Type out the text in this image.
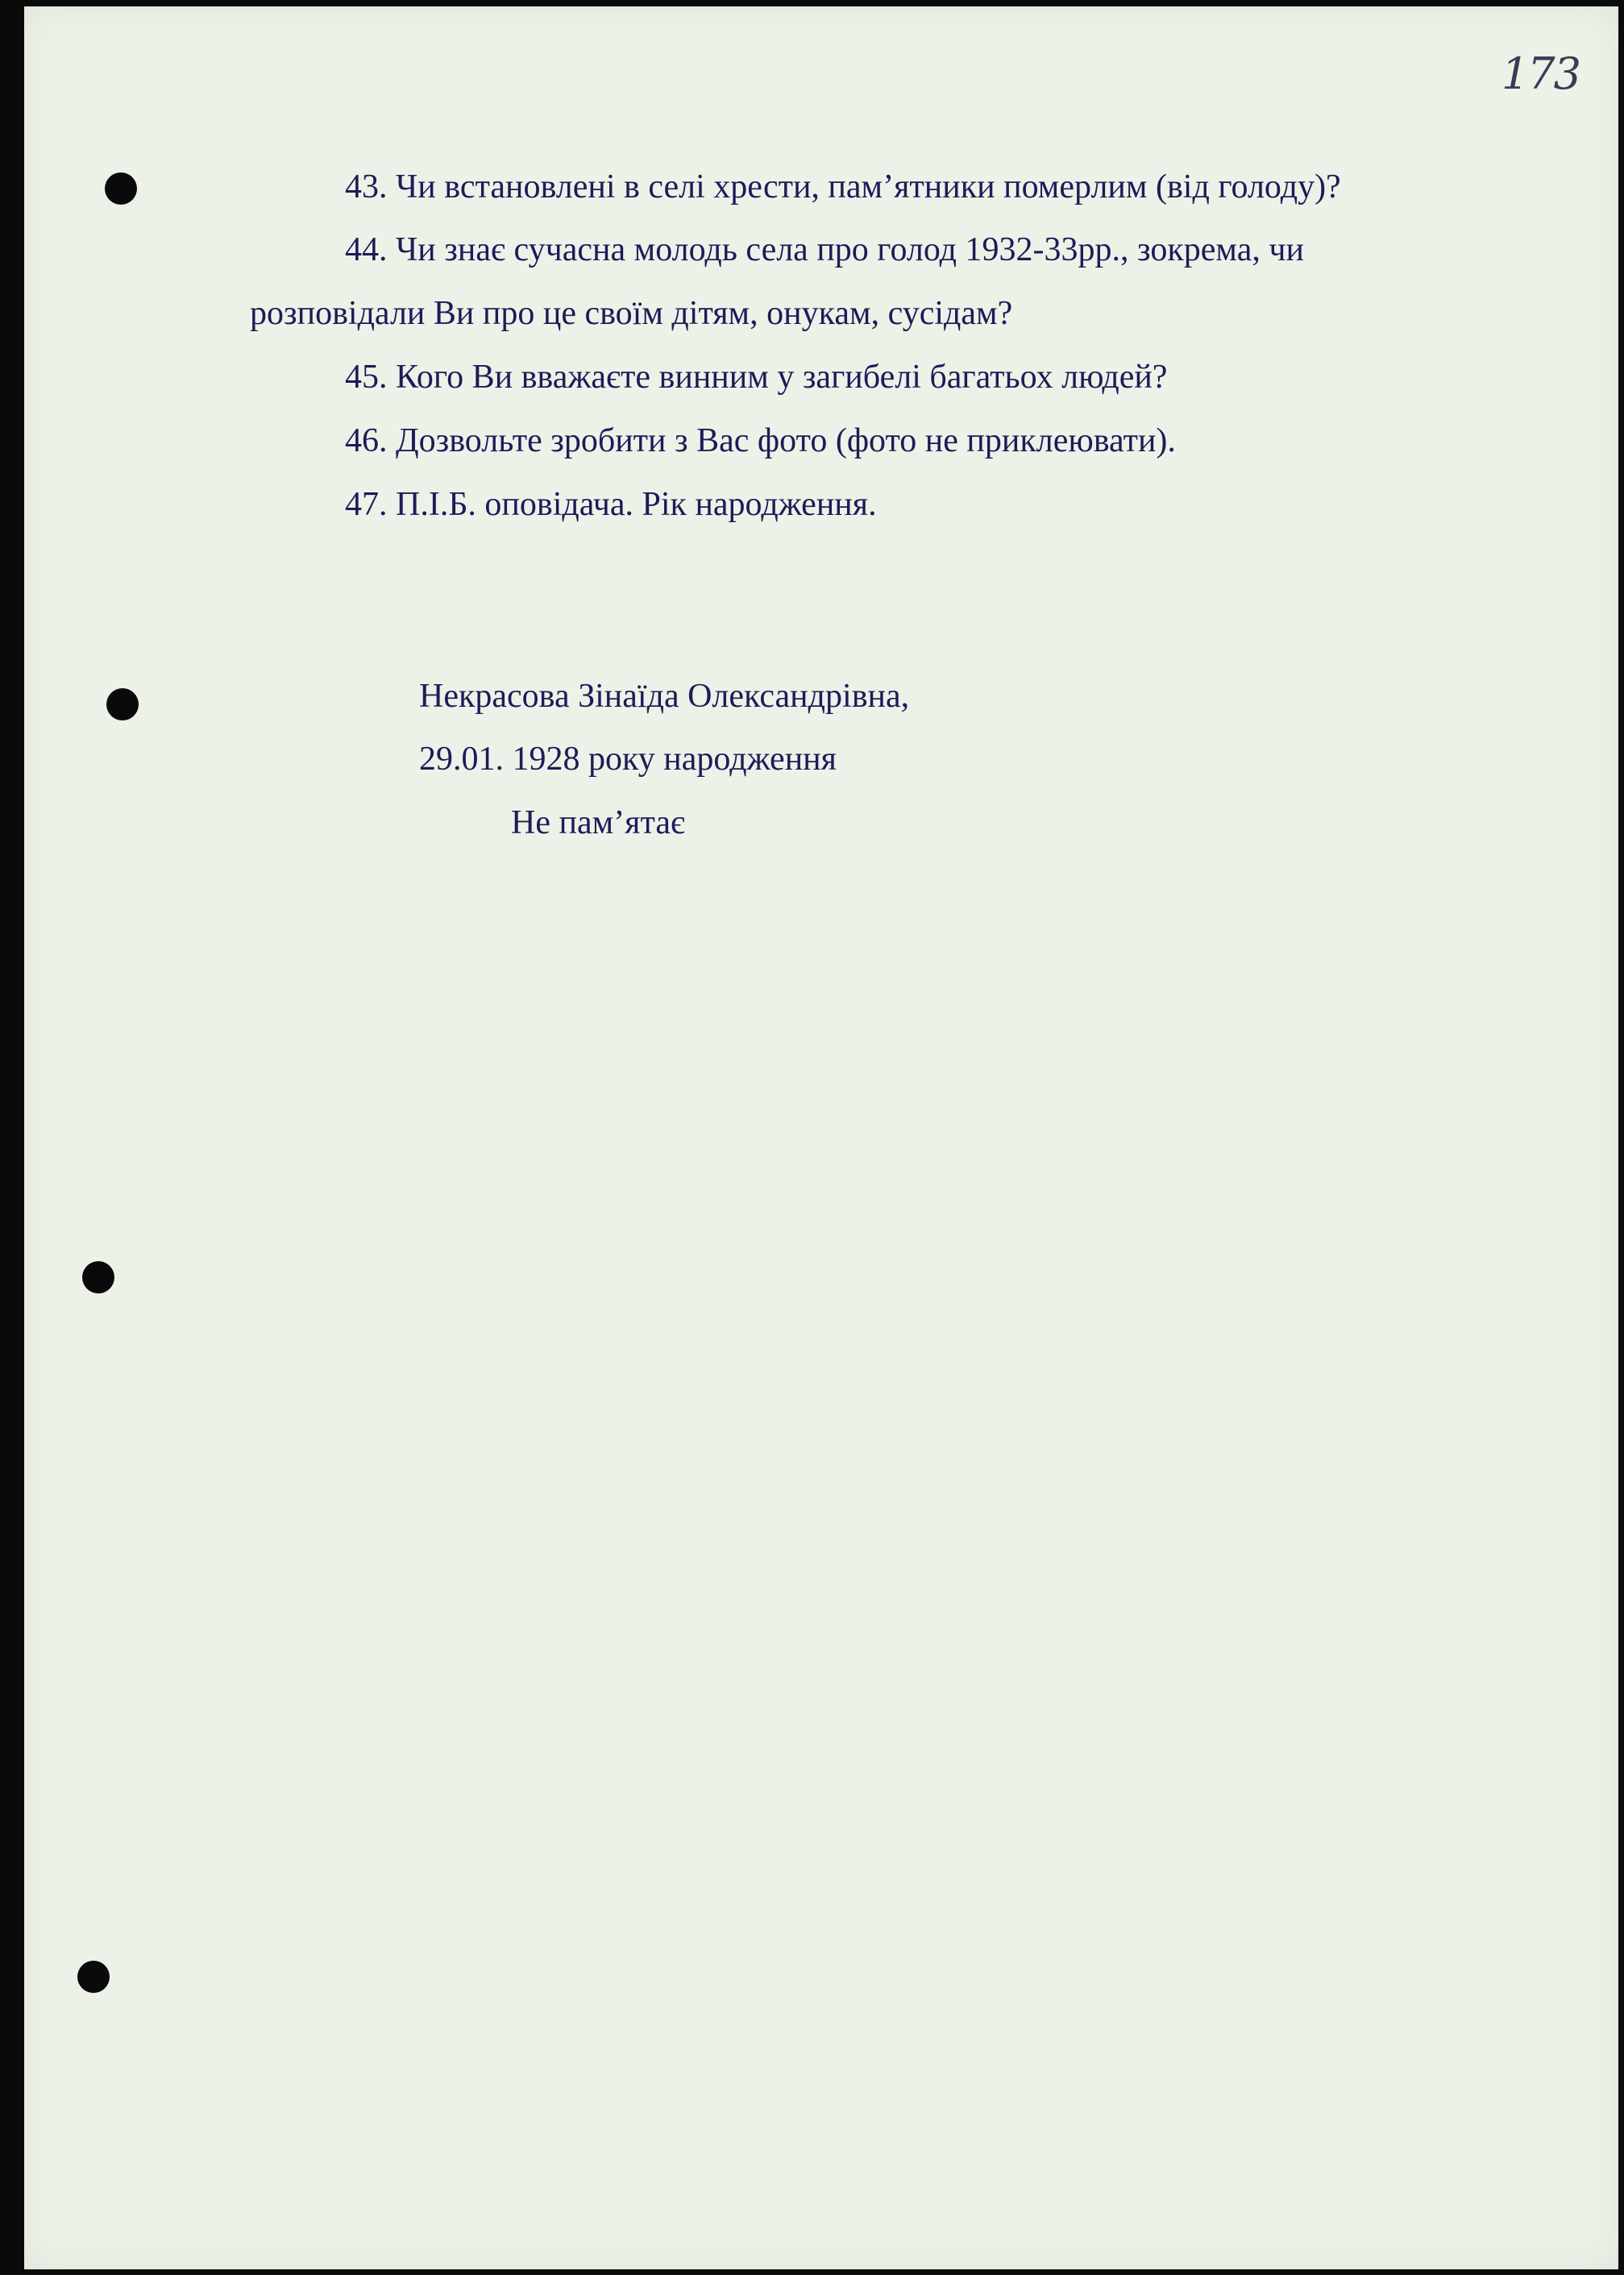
173
43. Чи встановлені в селі хрести, пам’ятники померлим (від голоду)?
44. Чи знає сучасна молодь села про голод 1932-33рр., зокрема, чи
розповідали Ви про це своїм дітям, онукам, сусідам?
45. Кого Ви вважаєте винним у загибелі багатьох людей?
46. Дозвольте зробити з Вас фото (фото не приклеювати).
47. П.І.Б. оповідача. Рік народження.
Некрасова Зінаїда Олександрівна,
29.01. 1928 року народження
Не пам’ятає
